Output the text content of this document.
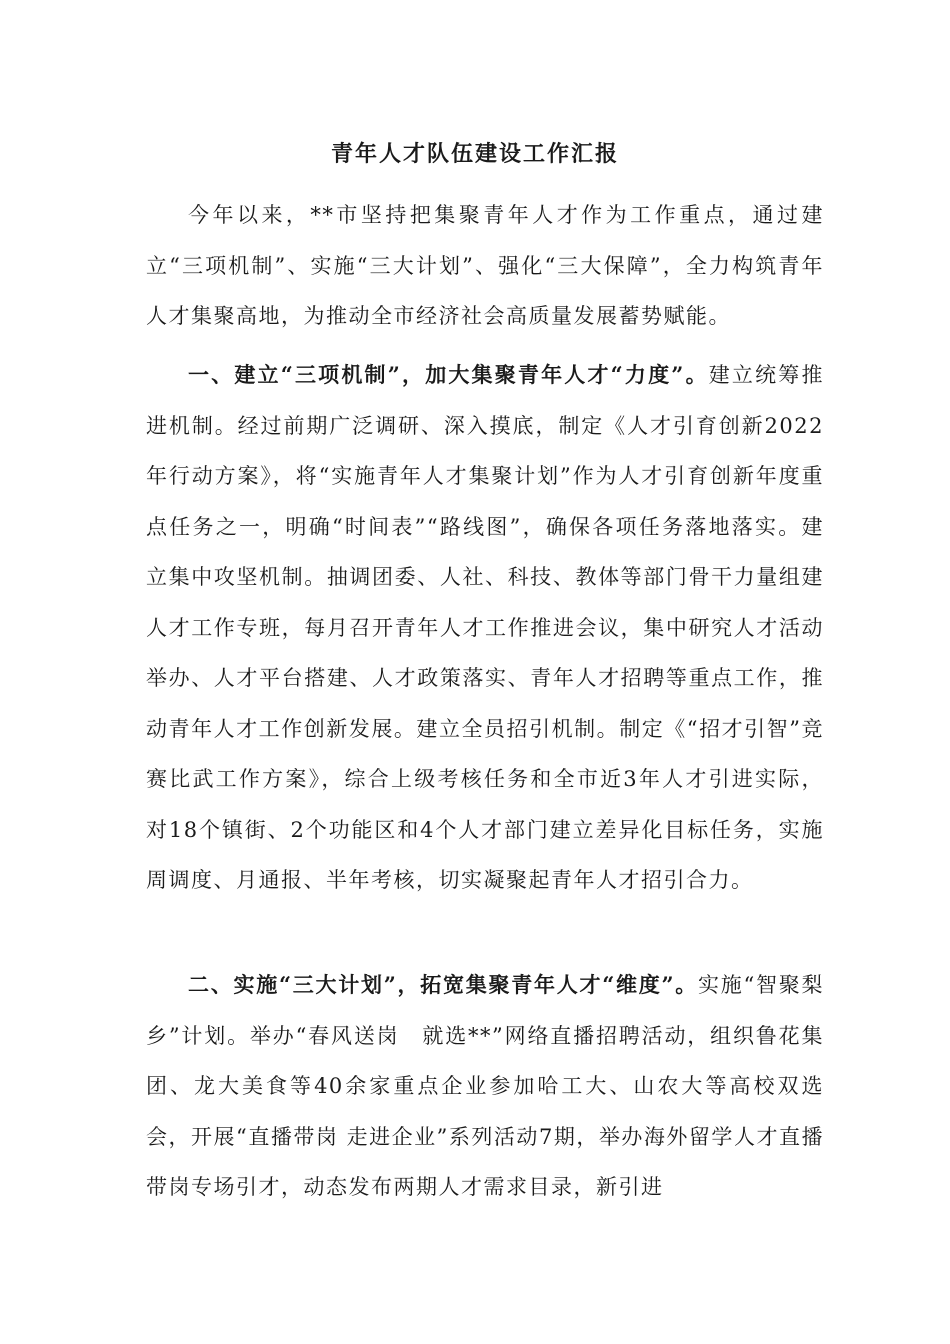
青年人才队伍建设工作汇报

今年以来，**市坚持把集聚青年人才作为工作重点，通过建立“三项机制”、实施“三大计划”、强化“三大保障”，全力构筑青年人才集聚高地，为推动全市经济社会高质量发展蓄势赋能。

一、建立“三项机制”，加大集聚青年人才“力度”。建立统筹推进机制。经过前期广泛调研、深入摸底，制定《人才引育创新2022年行动方案》，将“实施青年人才集聚计划”作为人才引育创新年度重点任务之一，明确“时间表”“路线图”，确保各项任务落地落实。建立集中攻坚机制。抽调团委、人社、科技、教体等部门骨干力量组建人才工作专班，每月召开青年人才工作推进会议，集中研究人才活动举办、人才平台搭建、人才政策落实、青年人才招聘等重点工作，推动青年人才工作创新发展。建立全员招引机制。制定《“招才引智”竞赛比武工作方案》，综合上级考核任务和全市近3年人才引进实际，对18个镇街、2个功能区和4个人才部门建立差异化目标任务，实施周调度、月通报、半年考核，切实凝聚起青年人才招引合力。

二、实施“三大计划”，拓宽集聚青年人才“维度”。实施“智聚梨乡”计划。举办“春风送岗　就选**”网络直播招聘活动，组织鲁花集团、龙大美食等40余家重点企业参加哈工大、山农大等高校双选会，开展“直播带岗 走进企业”系列活动7期，举办海外留学人才直播带岗专场引才，动态发布两期人才需求目录，新引进
